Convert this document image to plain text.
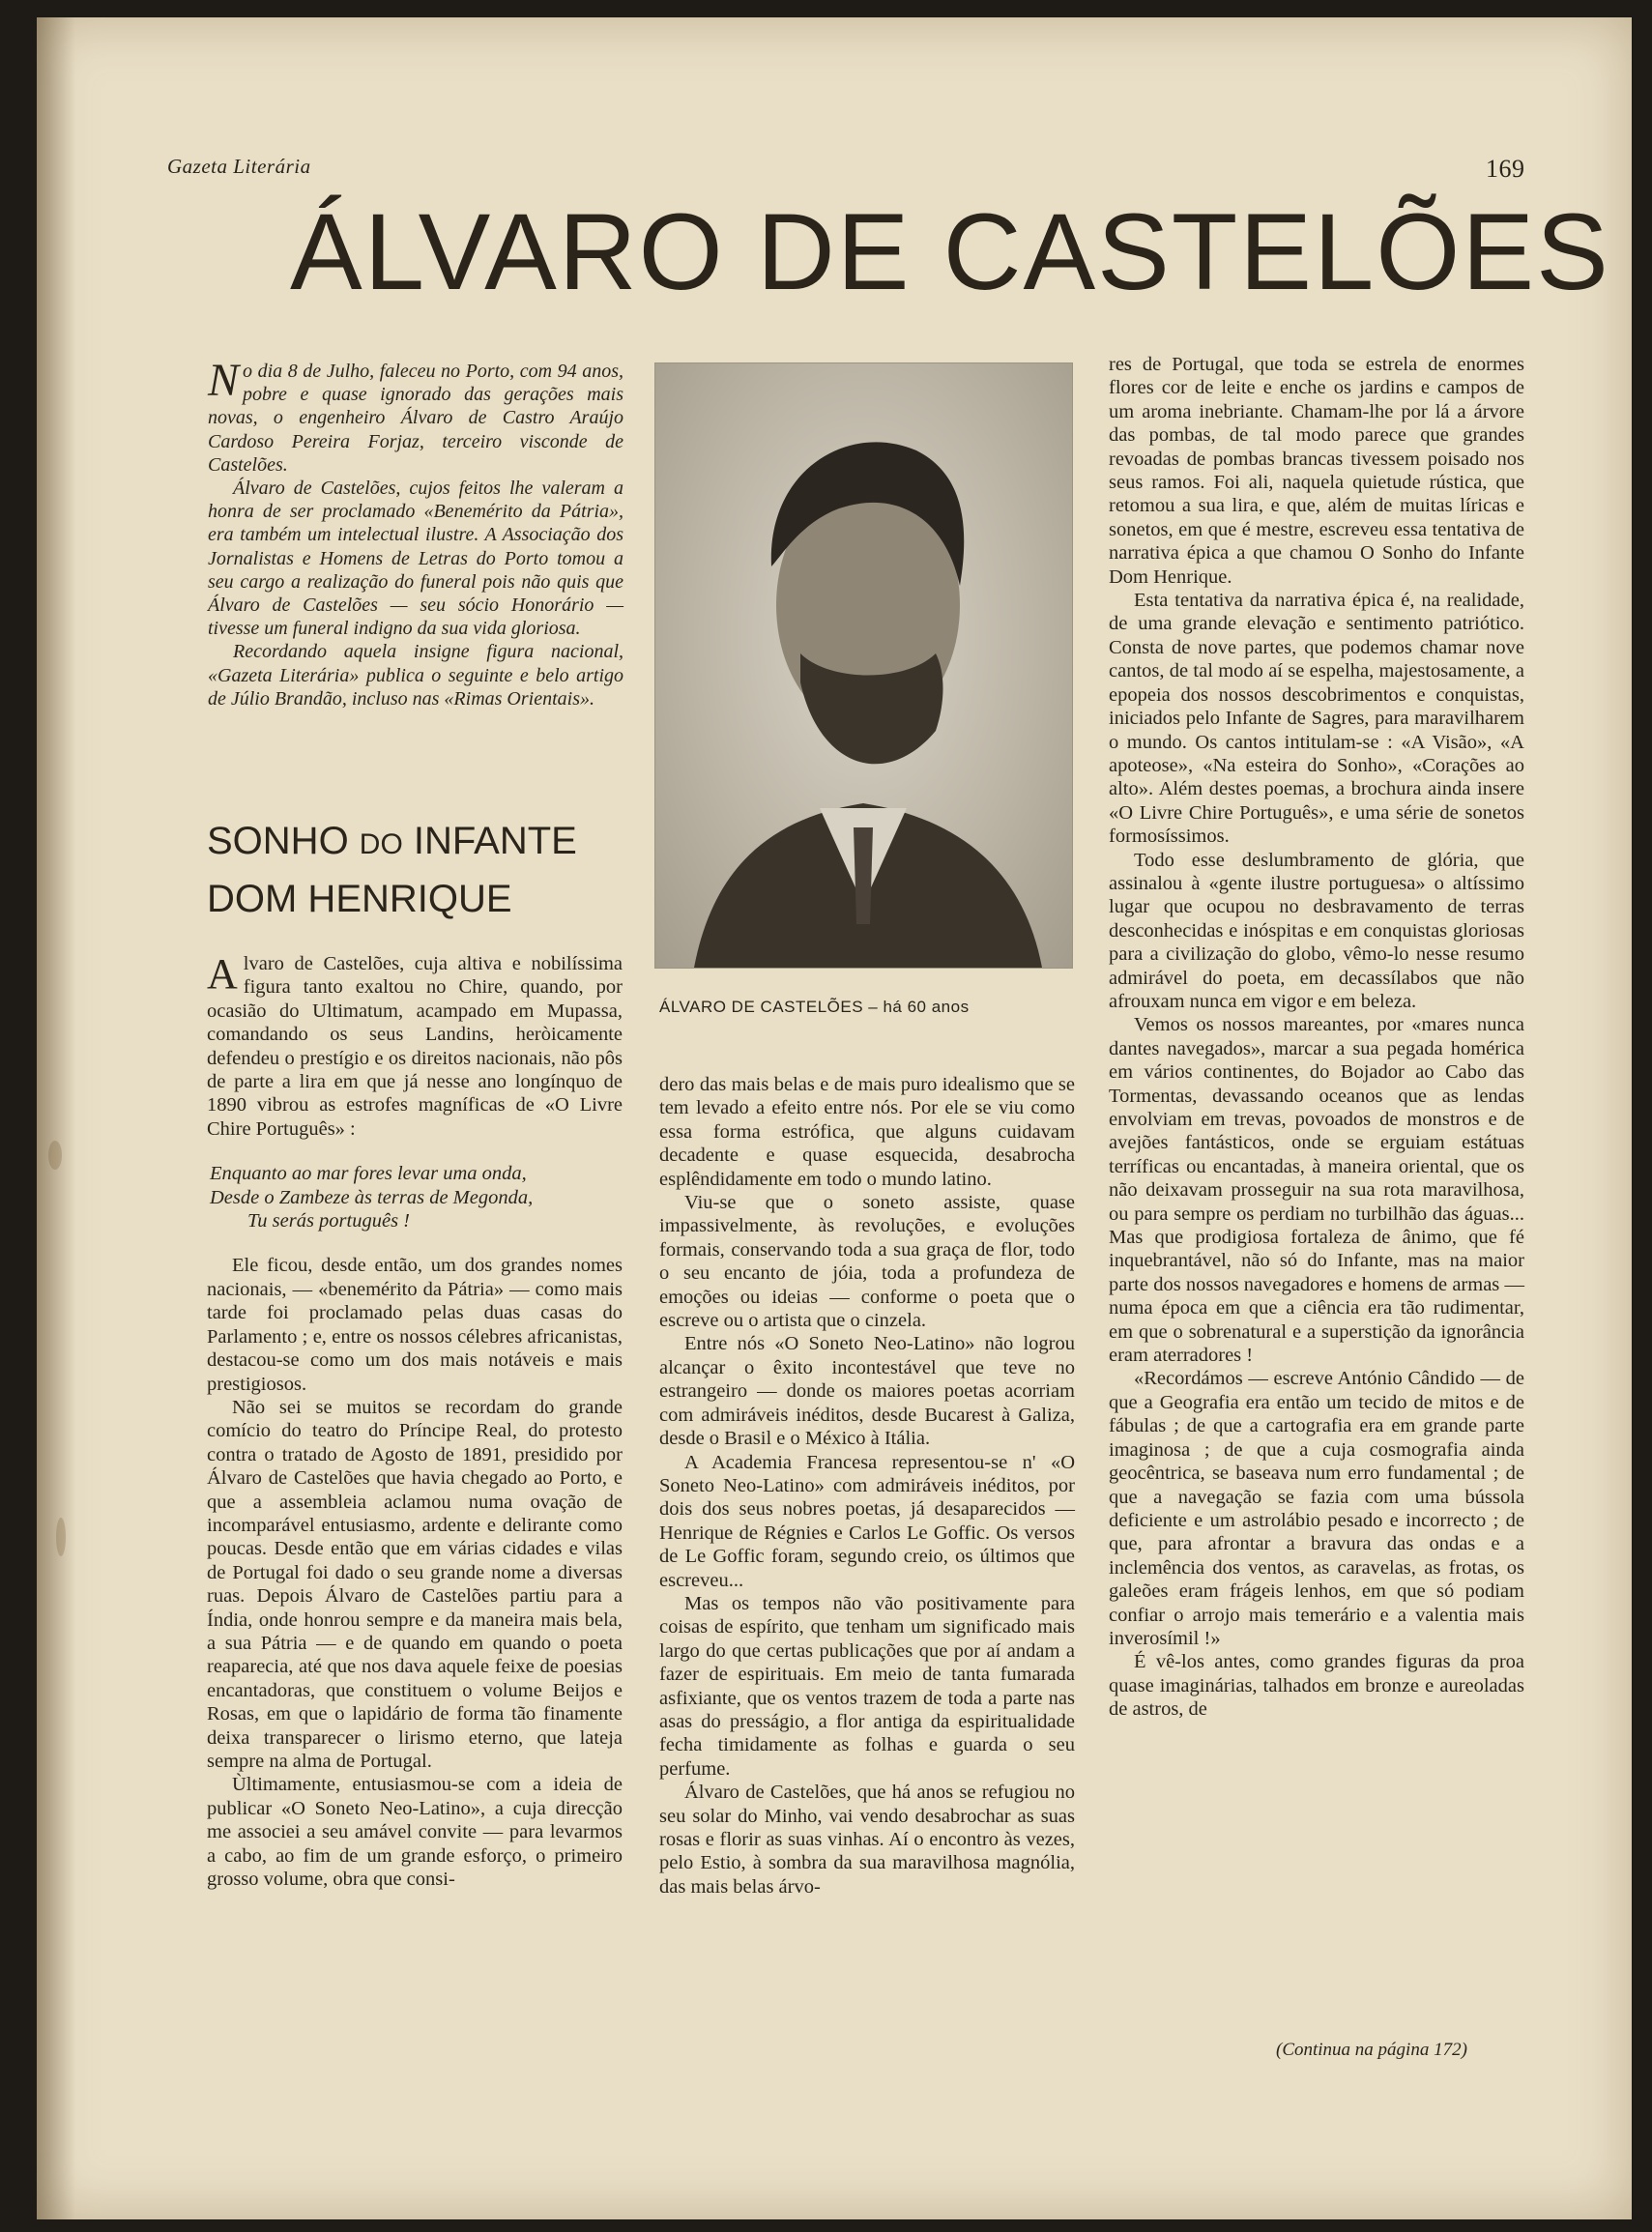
Gazeta Literária	169
ÁLVARO DE CASTELÕES

No dia 8 de Julho, faleceu no Porto, com 94 anos, pobre e quase ignorado das gerações mais novas, o engenheiro Álvaro de Castro Araújo Cardoso Pereira Forjaz, terceiro visconde de Castelões.

Álvaro de Castelões, cujos feitos lhe valeram a honra de ser proclamado «Benemérito da Pátria», era também um intelectual ilustre. A Associação dos Jornalistas e Homens de Letras do Porto tomou a seu cargo a realização do funeral pois não quis que Álvaro de Castelões — seu sócio Honorário — tivesse um funeral indigno da sua vida gloriosa.

Recordando aquela insigne figura nacional, «Gazeta Literária» publica o seguinte e belo artigo de Júlio Brandão, incluso nas «Rimas Orientais».

SONHO DO INFANTE
DOM HENRIQUE

Alvaro de Castelões, cuja altiva e nobilíssima figura tanto exaltou no Chire, quando, por ocasião do Ultimatum, acampado em Mupassa, comandando os seus Landins, heròicamente defendeu o prestígio e os direitos nacionais, não pôs de parte a lira em que já nesse ano longínquo de 1890 vibrou as estrofes magníficas de «O Livre Chire Português» :

Enquanto ao mar fores levar uma onda,
Desde o Zambeze às terras de Megonda,
Tu serás português !

Ele ficou, desde então, um dos grandes nomes nacionais, — «benemérito da Pátria» — como mais tarde foi proclamado pelas duas casas do Parlamento ; e, entre os nossos célebres africanistas, destacou-se como um dos mais notáveis e mais prestigiosos.

Não sei se muitos se recordam do grande comício do teatro do Príncipe Real, do protesto contra o tratado de Agosto de 1891, presidido por Álvaro de Castelões que havia chegado ao Porto, e que a assembleia aclamou numa ovação de incomparável entusiasmo, ardente e delirante como poucas. Desde então que em várias cidades e vilas de Portugal foi dado o seu grande nome a diversas ruas. Depois Álvaro de Castelões partiu para a Índia, onde honrou sempre e da maneira mais bela, a sua Pátria — e de quando em quando o poeta reaparecia, até que nos dava aquele feixe de poesias encantadoras, que constituem o volume Beijos e Rosas, em que o lapidário de forma tão finamente deixa transparecer o lirismo eterno, que lateja sempre na alma de Portugal.

Ùltimamente, entusiasmou-se com a ideia de publicar «O Soneto Neo-Latino», a cuja direcção me associei a seu amável convite — para levarmos a cabo, ao fim de um grande esforço, o primeiro grosso volume, obra que consi-

ÁLVARO DE CASTELÕES – há 60 anos

dero das mais belas e de mais puro idealismo que se tem levado a efeito entre nós. Por ele se viu como essa forma estrófica, que alguns cuidavam decadente e quase esquecida, desabrocha esplêndidamente em todo o mundo latino.

Viu-se que o soneto assiste, quase impassivelmente, às revoluções, e evoluções formais, conservando toda a sua graça de flor, todo o seu encanto de jóia, toda a profundeza de emoções ou ideias — conforme o poeta que o escreve ou o artista que o cinzela.

Entre nós «O Soneto Neo-Latino» não logrou alcançar o êxito incontestável que teve no estrangeiro — donde os maiores poetas acorriam com admiráveis inéditos, desde Bucarest à Galiza, desde o Brasil e o México à Itália.

A Academia Francesa representou-se n' «O Soneto Neo-Latino» com admiráveis inéditos, por dois dos seus nobres poetas, já desaparecidos — Henrique de Régnies e Carlos Le Goffic. Os versos de Le Goffic foram, segundo creio, os últimos que escreveu...

Mas os tempos não vão positivamente para coisas de espírito, que tenham um significado mais largo do que certas publicações que por aí andam a fazer de espirituais. Em meio de tanta fumarada asfixiante, que os ventos trazem de toda a parte nas asas do presságio, a flor antiga da espiritualidade fecha timidamente as folhas e guarda o seu perfume.

Álvaro de Castelões, que há anos se refugiou no seu solar do Minho, vai vendo desabrochar as suas rosas e florir as suas vinhas. Aí o encontro às vezes, pelo Estio, à sombra da sua maravilhosa magnólia, das mais belas árvo-

res de Portugal, que toda se estrela de enormes flores cor de leite e enche os jardins e campos de um aroma inebriante. Chamam-lhe por lá a árvore das pombas, de tal modo parece que grandes revoadas de pombas brancas tivessem poisado nos seus ramos. Foi ali, naquela quietude rústica, que retomou a sua lira, e que, além de muitas líricas e sonetos, em que é mestre, escreveu essa tentativa de narrativa épica a que chamou O Sonho do Infante Dom Henrique.

Esta tentativa da narrativa épica é, na realidade, de uma grande elevação e sentimento patriótico. Consta de nove partes, que podemos chamar nove cantos, de tal modo aí se espelha, majestosamente, a epopeia dos nossos descobrimentos e conquistas, iniciados pelo Infante de Sagres, para maravilharem o mundo. Os cantos intitulam-se : «A Visão», «A apoteose», «Na esteira do Sonho», «Corações ao alto». Além destes poemas, a brochura ainda insere «O Livre Chire Português», e uma série de sonetos formosíssimos.

Todo esse deslumbramento de glória, que assinalou à «gente ilustre portuguesa» o altíssimo lugar que ocupou no desbravamento de terras desconhecidas e inóspitas e em conquistas gloriosas para a civilização do globo, vêmo-lo nesse resumo admirável do poeta, em decassílabos que não afrouxam nunca em vigor e em beleza.

Vemos os nossos mareantes, por «mares nunca dantes navegados», marcar a sua pegada homérica em vários continentes, do Bojador ao Cabo das Tormentas, devassando oceanos que as lendas envolviam em trevas, povoados de monstros e de avejões fantásticos, onde se erguiam estátuas terríficas ou encantadas, à maneira oriental, que os não deixavam prosseguir na sua rota maravilhosa, ou para sempre os perdiam no turbilhão das águas... Mas que prodigiosa fortaleza de ânimo, que fé inquebrantável, não só do Infante, mas na maior parte dos nossos navegadores e homens de armas — numa época em que a ciência era tão rudimentar, em que o sobrenatural e a superstição da ignorância eram aterradores !

«Recordámos — escreve António Cândido — de que a Geografia era então um tecido de mitos e de fábulas ; de que a cartografia era em grande parte imaginosa ; de que a cuja cosmografia ainda geocêntrica, se baseava num erro fundamental ; de que a navegação se fazia com uma bússola deficiente e um astrolábio pesado e incorrecto ; de que, para afrontar a bravura das ondas e a inclemência dos ventos, as caravelas, as frotas, os galeões eram frágeis lenhos, em que só podiam confiar o arrojo mais temerário e a valentia mais inverosímil !»

É vê-los antes, como grandes figuras da proa quase imaginárias, talhados em bronze e aureoladas de astros, de

(Continua na página 172)
